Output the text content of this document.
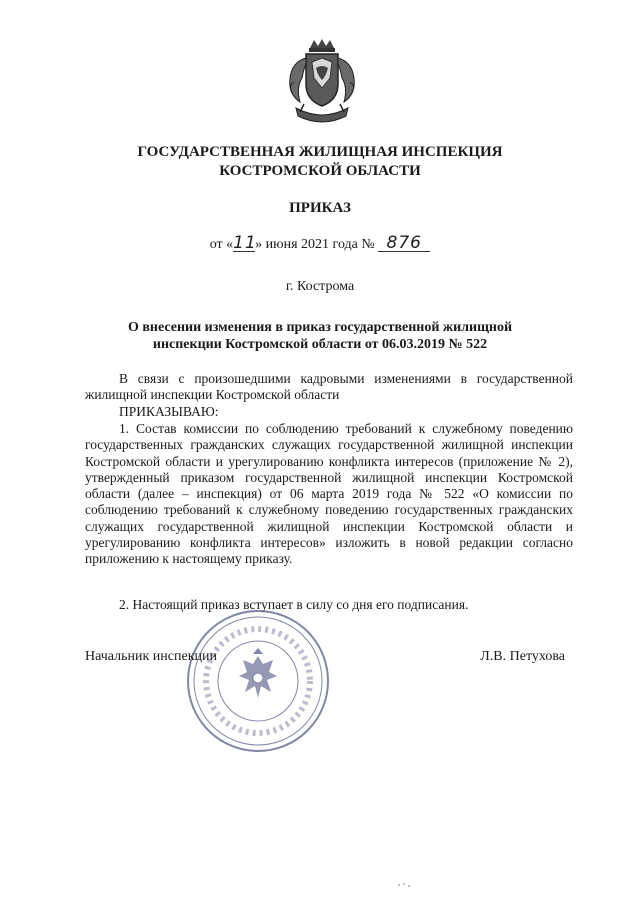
ГОСУДАРСТВЕННАЯ ЖИЛИЩНАЯ ИНСПЕКЦИЯ
КОСТРОМСКОЙ ОБЛАСТИ
ПРИКАЗ
от «11» июня 2021 года № 876
г. Кострома
О внесении изменения в приказ государственной жилищной
инспекции Костромской области от 06.03.2019 № 522

В связи с произошедшими кадровыми изменениями в государственной жилищной инспекции Костромской области

ПРИКАЗЫВАЮ:

1. Состав комиссии по соблюдению требований к служебному поведению государственных гражданских служащих государственной жилищной инспекции Костромской области и урегулированию конфликта интересов (приложение № 2), утвержденный приказом государственной жилищной инспекции Костромской области (далее – инспекция) от 06 марта 2019 года № 522 «О комиссии по соблюдению требований к служебному поведению государственных гражданских служащих государственной жилищной инспекции Костромской области и урегулированию конфликта интересов» изложить в новой редакции согласно приложению к настоящему приказу.

2. Настоящий приказ вступает в силу со дня его подписания.

Начальник инспекции	Л.В. Петухова
